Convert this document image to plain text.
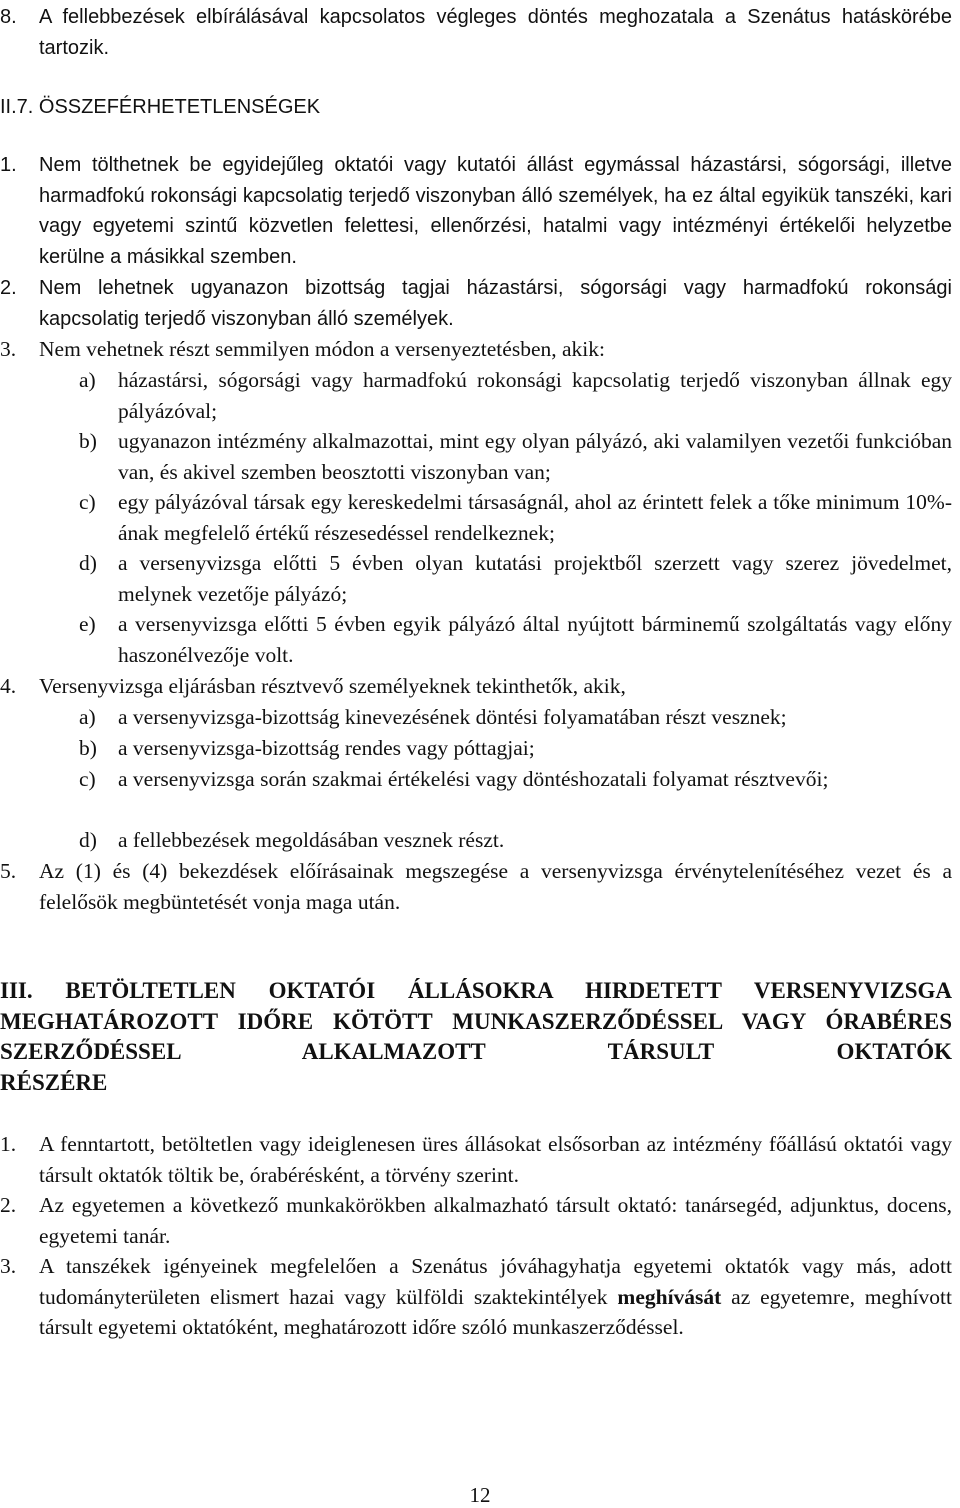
8. A fellebbezések elbírálásával kapcsolatos végleges döntés meghozatala a Szenátus hatáskörébe tartozik.
II.7. ÖSSZEFÉRHETETLENSÉGEK
1. Nem tölthetnek be egyidejűleg oktatói vagy kutatói állást egymással házastársi, sógorsági, illetve harmadfokú rokonsági kapcsolatig terjedő viszonyban álló személyek, ha ez által egyikük tanszéki, kari vagy egyetemi szintű közvetlen felettesi, ellenőrzési, hatalmi vagy intézményi értékelői helyzetbe kerülne a másikkal szemben.
2. Nem lehetnek ugyanazon bizottság tagjai házastársi, sógorsági vagy harmadfokú rokonsági kapcsolatig terjedő viszonyban álló személyek.
3. Nem vehetnek részt semmilyen módon a versenyeztetésben, akik:
a) házastársi, sógorsági vagy harmadfokú rokonsági kapcsolatig terjedő viszonyban állnak egy pályázóval;
b) ugyanazon intézmény alkalmazottai, mint egy olyan pályázó, aki valamilyen vezetői funkcióban van, és akivel szemben beosztotti viszonyban van;
c) egy pályázóval társak egy kereskedelmi társaságnál, ahol az érintett felek a tőke minimum 10%-ának megfelelő értékű részesedéssel rendelkeznek;
d) a versenyvizsga előtti 5 évben olyan kutatási projektből szerzett vagy szerez jövedelmet, melynek vezetője pályázó;
e) a versenyvizsga előtti 5 évben egyik pályázó által nyújtott bárminemű szolgáltatás vagy előny haszonélvezője volt.
4. Versenyvizsga eljárásban résztvevő személyeknek tekinthetők, akik,
a) a versenyvizsga-bizottság kinevezésének döntési folyamatában részt vesznek;
b) a versenyvizsga-bizottság rendes vagy póttagjai;
c) a versenyvizsga során szakmai értékelési vagy döntéshozatali folyamat résztvevői;
d) a fellebbezések megoldásában vesznek részt.
5. Az (1) és (4) bekezdések előírásainak megszegése a versenyvizsga érvénytelenítéséhez vezet és a felelősök megbüntetését vonja maga után.
III. BETÖLTETLEN OKTATÓI ÁLLÁSOKRA HIRDETETT VERSENYVIZSGA MEGHATÁROZOTT IDŐRE KÖTÖTT MUNKASZERZŐDÉSSEL VAGY ÓRABÉRES SZERZŐDÉSSEL ALKALMAZOTT TÁRSULT OKTATÓK
RÉSZÉRE
1. A fenntartott, betöltetlen vagy ideiglenesen üres állásokat elsősorban az intézmény főállású oktatói vagy társult oktatók töltik be, órabérésként, a törvény szerint.
2. Az egyetemen a következő munkakörökben alkalmazható társult oktató: tanársegéd, adjunktus, docens, egyetemi tanár.
3. A tanszékek igényeinek megfelelően a Szenátus jóváhagyhatja egyetemi oktatók vagy más, adott tudományterületen elismert hazai vagy külföldi szaktekintélyek meghívását az egyetemre, meghívott társult egyetemi oktatóként, meghatározott időre szóló munkaszerződéssel.
12
